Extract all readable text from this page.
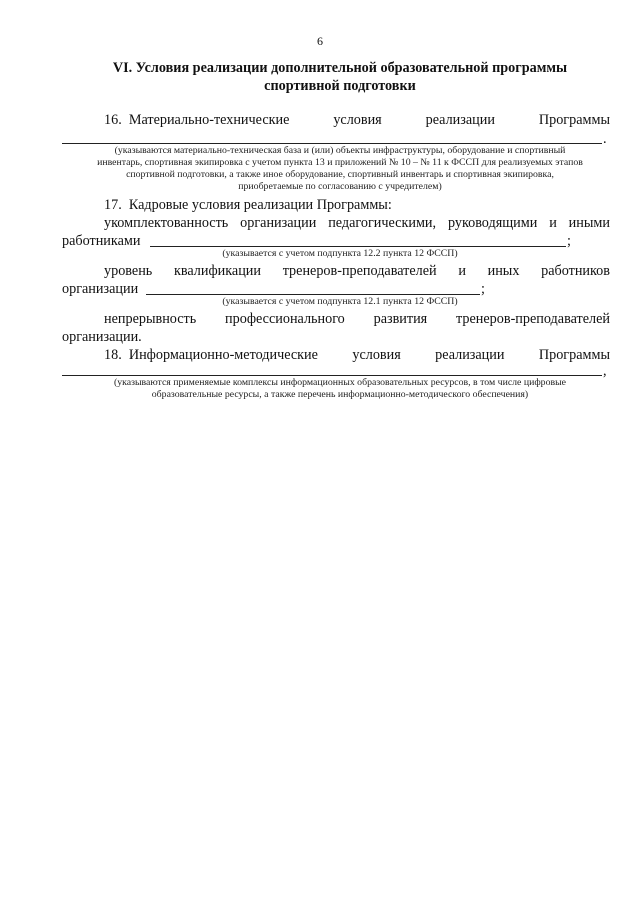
6
VI. Условия реализации дополнительной образовательной программы
спортивной подготовки
16. Материально-технические	условия	реализации	Программы
.
(указываются материально-техническая база и (или) объекты инфраструктуры, оборудование и спортивный
инвентарь, спортивная экипировка с учетом пункта 13 и приложений № 10 – № 11 к ФССП для реализуемых этапов
спортивной подготовки, а также иное оборудование, спортивный инвентарь и спортивная экипировка,
приобретаемые по согласованию с учредителем)
17. Кадровые условия реализации Программы:
укомплектованность организации педагогическими, руководящими и иными
работниками	;
(указывается с учетом подпункта 12.2 пункта 12 ФССП)
уровень квалификации тренеров-преподавателей и иных работников
организации	;
(указывается с учетом подпункта 12.1 пункта 12 ФССП)
непрерывность профессионального развития тренеров-преподавателей
организации.
18. Информационно-методические условия реализации Программы
,
(указываются применяемые комплексы информационных образовательных ресурсов, в том числе цифровые
образовательные ресурсы, а также перечень информационно-методического обеспечения)
